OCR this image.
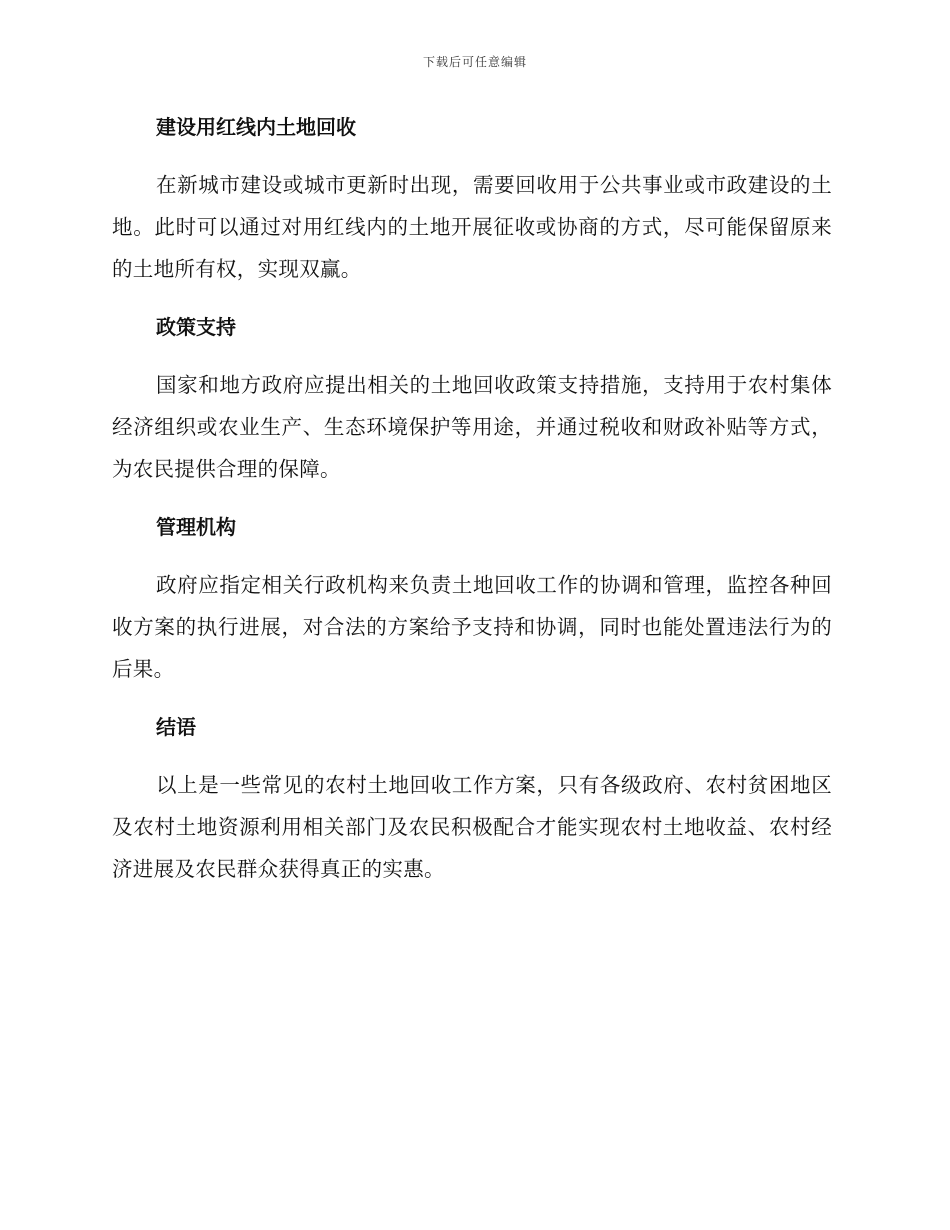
下载后可任意编辑
建设用红线内土地回收

在新城市建设或城市更新时出现，需要回收用于公共事业或市政建设的土地。此时可以通过对用红线内的土地开展征收或协商的方式，尽可能保留原来的土地所有权，实现双赢。

政策支持

国家和地方政府应提出相关的土地回收政策支持措施，支持用于农村集体经济组织或农业生产、生态环境保护等用途，并通过税收和财政补贴等方式，为农民提供合理的保障。

管理机构

政府应指定相关行政机构来负责土地回收工作的协调和管理，监控各种回收方案的执行进展，对合法的方案给予支持和协调，同时也能处置违法行为的后果。

结语

以上是一些常见的农村土地回收工作方案，只有各级政府、农村贫困地区及农村土地资源利用相关部门及农民积极配合才能实现农村土地收益、农村经济进展及农民群众获得真正的实惠。
